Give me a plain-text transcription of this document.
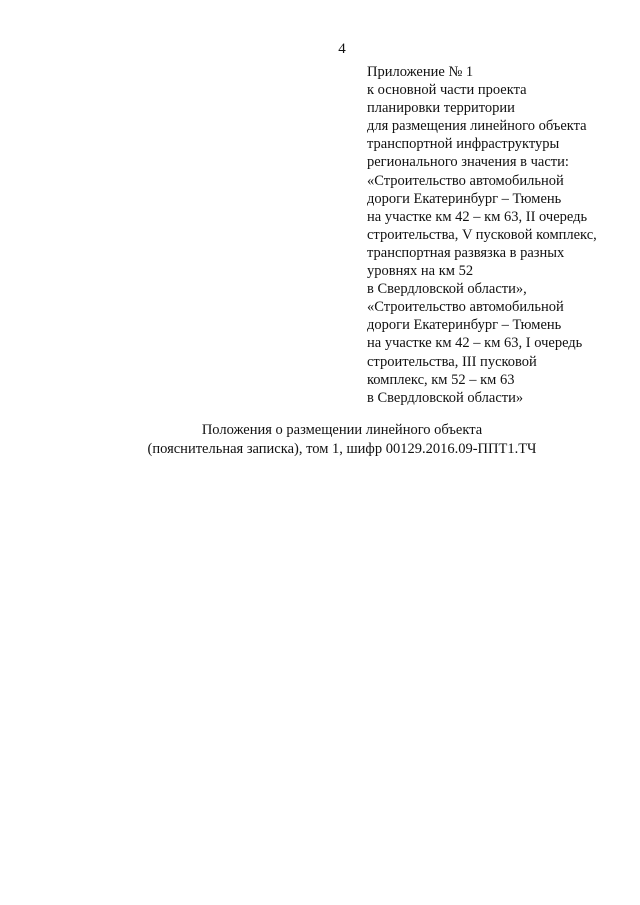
4
Приложение № 1
к основной части проекта
планировки территории
для размещения линейного объекта
транспортной инфраструктуры
регионального значения в части:
«Строительство автомобильной
дороги Екатеринбург – Тюмень
на участке км 42 – км 63, II очередь
строительства, V пусковой комплекс,
транспортная развязка в разных
уровнях на км 52
в Свердловской области»,
«Строительство автомобильной
дороги Екатеринбург – Тюмень
на участке км 42 – км 63, I очередь
строительства, III пусковой
комплекс, км 52 – км 63
в Свердловской области»
Положения о размещении линейного объекта
(пояснительная записка), том 1, шифр 00129.2016.09-ППТ1.ТЧ
